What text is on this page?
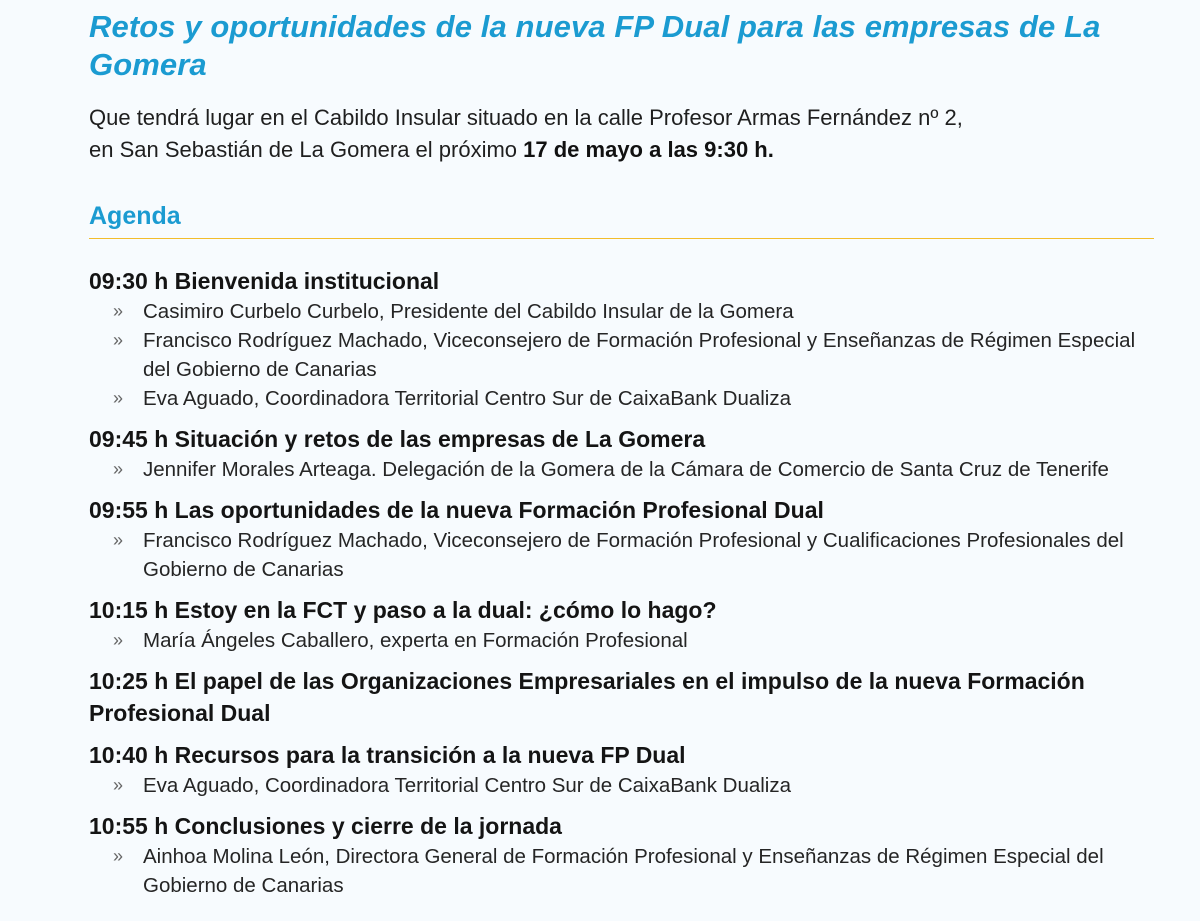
Retos y oportunidades de la nueva FP Dual para las empresas de La Gomera

Que tendrá lugar en el Cabildo Insular situado en la calle Profesor Armas Fernández nº 2,
en San Sebastián de La Gomera el próximo 17 de mayo a las 9:30 h.

Agenda
09:30 h Bienvenida institucional
» Casimiro Curbelo Curbelo, Presidente del Cabildo Insular de la Gomera
» Francisco Rodríguez Machado, Viceconsejero de Formación Profesional y Enseñanzas de Régimen Especial del Gobierno de Canarias
» Eva Aguado, Coordinadora Territorial Centro Sur de CaixaBank Dualiza
09:45 h Situación y retos de las empresas de La Gomera
» Jennifer Morales Arteaga. Delegación de la Gomera de la Cámara de Comercio de Santa Cruz de Tenerife
09:55 h Las oportunidades de la nueva Formación Profesional Dual
» Francisco Rodríguez Machado, Viceconsejero de Formación Profesional y Cualificaciones Profesionales del Gobierno de Canarias
10:15 h Estoy en la FCT y paso a la dual: ¿cómo lo hago?
» María Ángeles Caballero, experta en Formación Profesional
10:25 h El papel de las Organizaciones Empresariales en el impulso de la nueva Formación Profesional Dual
10:40 h Recursos para la transición a la nueva FP Dual
» Eva Aguado, Coordinadora Territorial Centro Sur de CaixaBank Dualiza
10:55 h Conclusiones y cierre de la jornada
» Ainhoa Molina León, Directora General de Formación Profesional y Enseñanzas de Régimen Especial del Gobierno de Canarias
